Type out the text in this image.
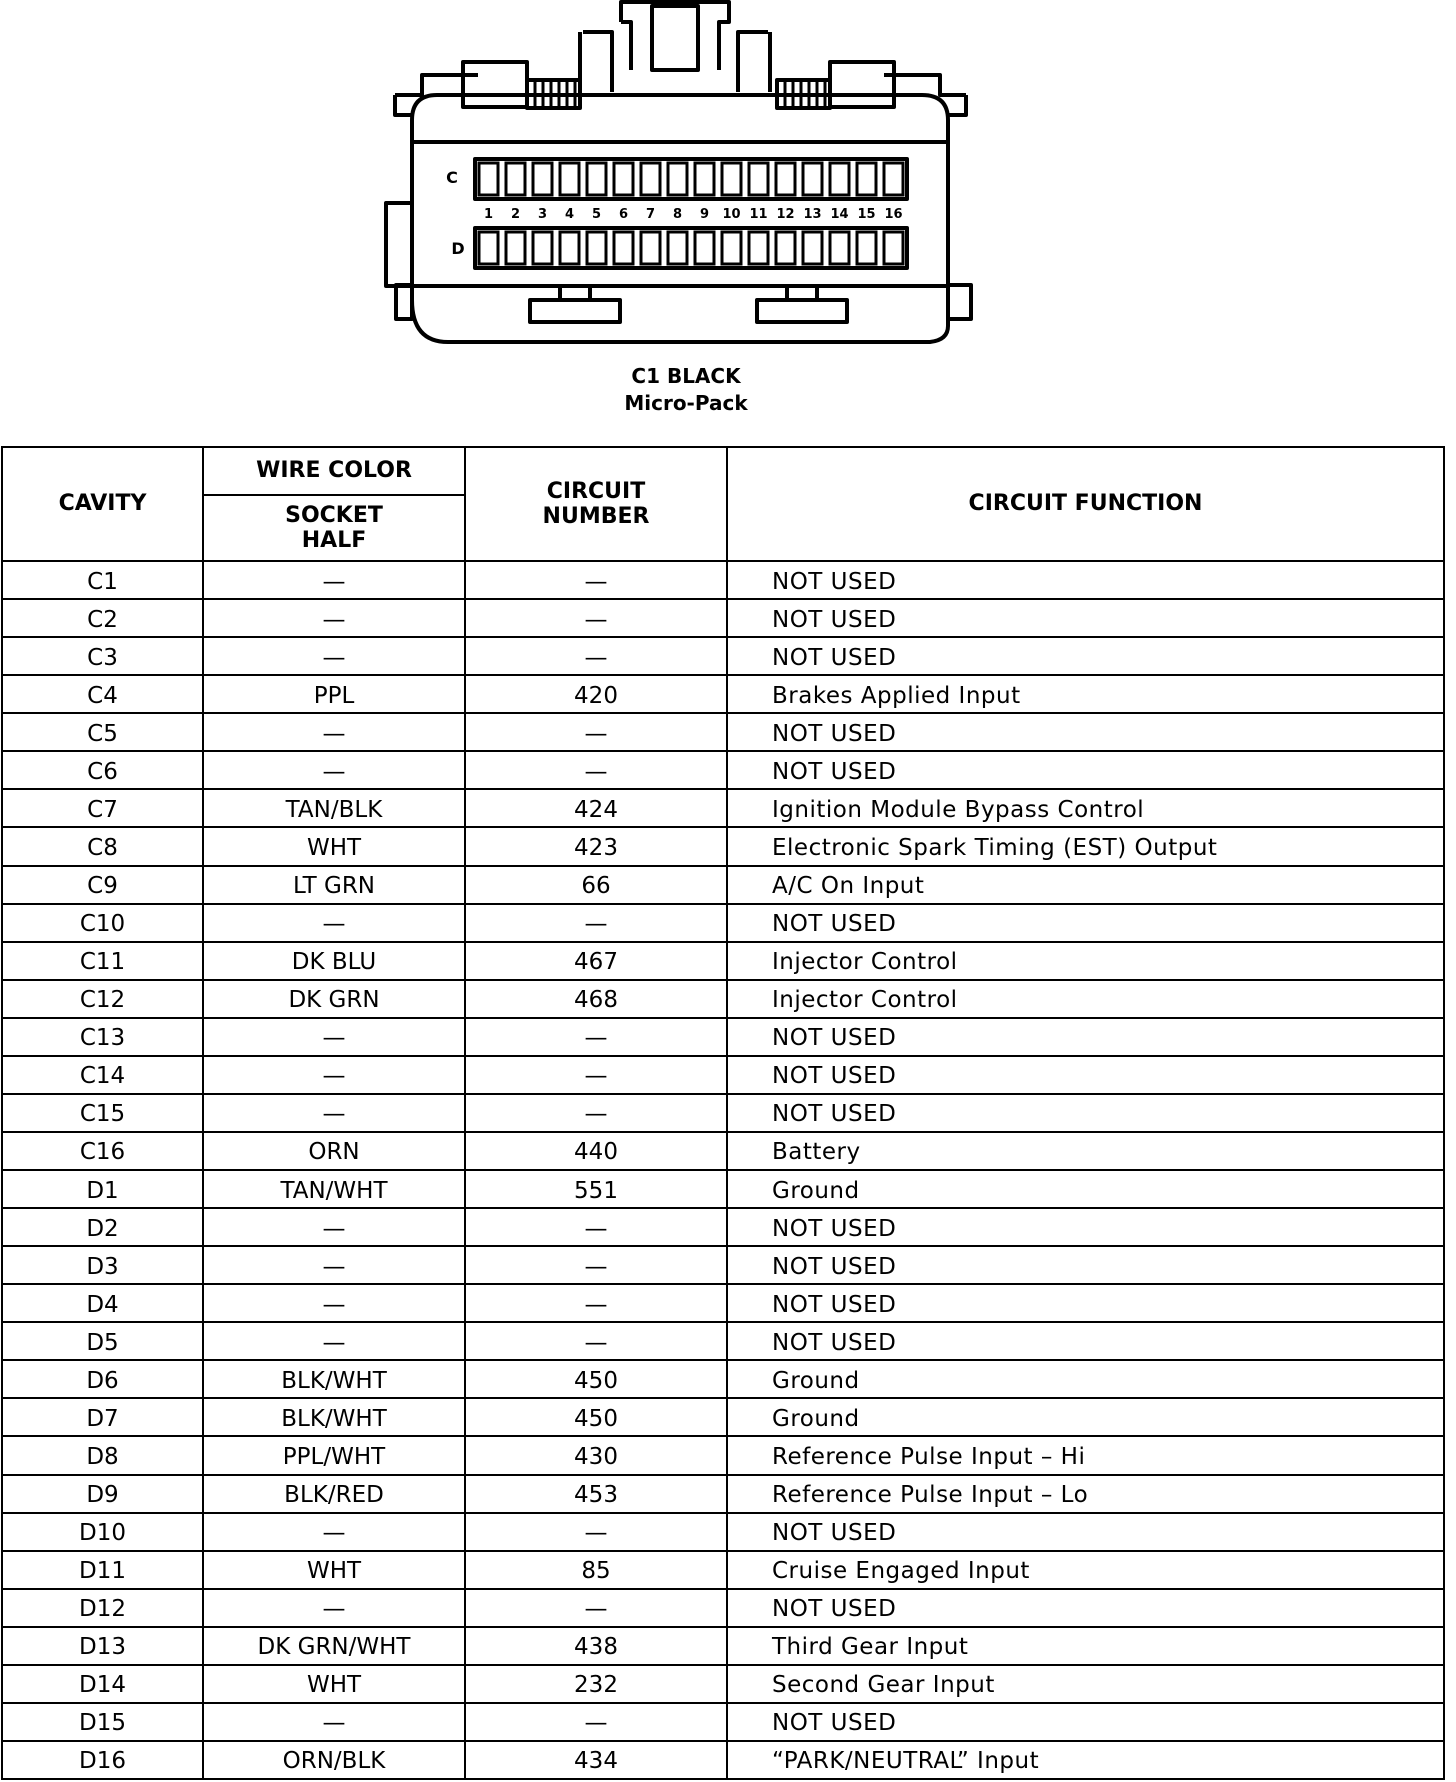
C
D
1 2 3 4 5 6 7 8 9 10 11 12 13 14 15 16
C1 BLACK
Micro-Pack
CAVITY	WIRE COLOR	CIRCUIT NUMBER	CIRCUIT FUNCTION
	SOCKET HALF		
C1	—	—	NOT USED
C2	—	—	NOT USED
C3	—	—	NOT USED
C4	PPL	420	Brakes Applied Input
C5	—	—	NOT USED
C6	—	—	NOT USED
C7	TAN/BLK	424	Ignition Module Bypass Control
C8	WHT	423	Electronic Spark Timing (EST) Output
C9	LT GRN	66	A/C On Input
C10	—	—	NOT USED
C11	DK BLU	467	Injector Control
C12	DK GRN	468	Injector Control
C13	—	—	NOT USED
C14	—	—	NOT USED
C15	—	—	NOT USED
C16	ORN	440	Battery
D1	TAN/WHT	551	Ground
D2	—	—	NOT USED
D3	—	—	NOT USED
D4	—	—	NOT USED
D5	—	—	NOT USED
D6	BLK/WHT	450	Ground
D7	BLK/WHT	450	Ground
D8	PPL/WHT	430	Reference Pulse Input – Hi
D9	BLK/RED	453	Reference Pulse Input – Lo
D10	—	—	NOT USED
D11	WHT	85	Cruise Engaged Input
D12	—	—	NOT USED
D13	DK GRN/WHT	438	Third Gear Input
D14	WHT	232	Second Gear Input
D15	—	—	NOT USED
D16	ORN/BLK	434	“PARK/NEUTRAL” Input
